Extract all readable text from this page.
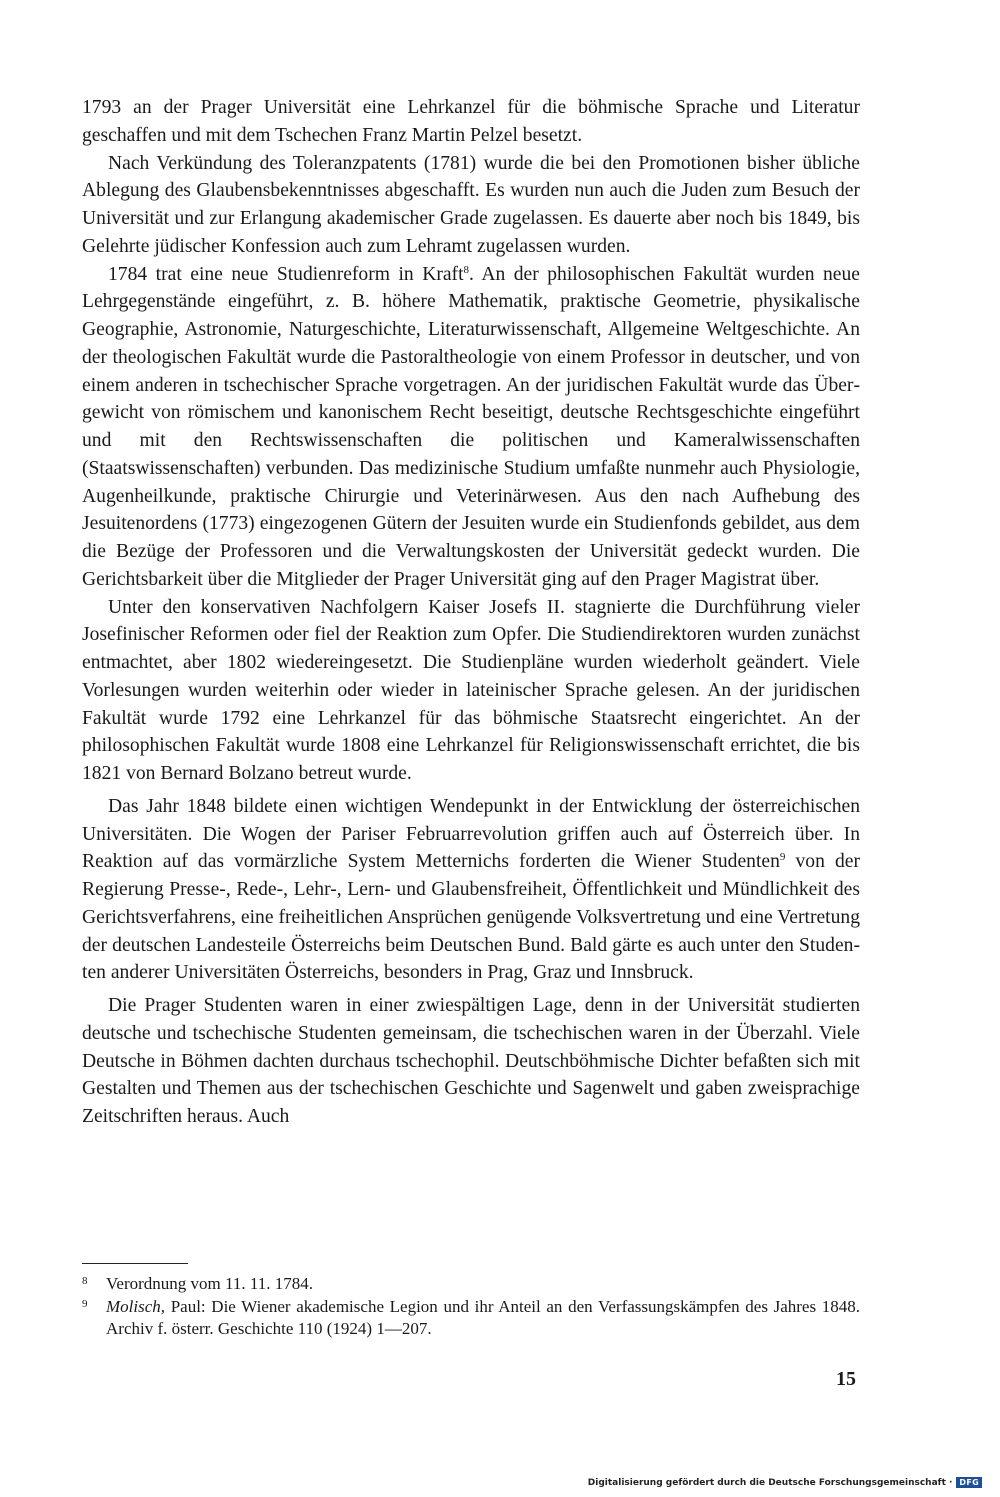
1793 an der Prager Universität eine Lehrkanzel für die böhmische Sprache und Literatur geschaffen und mit dem Tschechen Franz Martin Pelzel besetzt.

Nach Verkündung des Toleranzpatents (1781) wurde die bei den Promotionen bisher übliche Ablegung des Glaubensbekenntnisses abgeschafft. Es wurden nun auch die Juden zum Besuch der Universität und zur Erlangung akademischer Grade zugelassen. Es dauerte aber noch bis 1849, bis Gelehrte jüdischer Konfession auch zum Lehramt zugelassen wurden.

1784 trat eine neue Studienreform in Kraft$^8$. An der philosophischen Fakultät wurden neue Lehrgegenstände eingeführt, z. B. höhere Mathematik, praktische Geometrie, physikalische Geographie, Astronomie, Naturgeschichte, Literaturwissenschaft, Allgemeine Weltgeschichte. An der theologischen Fakultät wurde die Pastoraltheologie von einem Professor in deutscher, und von einem anderen in tschechischer Sprache vorgetragen. An der juridischen Fakultät wurde das Übergewicht von römischem und kanonischem Recht beseitigt, deutsche Rechtsgeschichte eingeführt und mit den Rechtswissenschaften die politischen und Kameralwissenschaften (Staatswissenschaften) verbunden. Das medizinische Studium umfaßte nunmehr auch Physiologie, Augenheilkunde, praktische Chirurgie und Veterinärwesen. Aus den nach Aufhebung des Jesuitenordens (1773) eingezogenen Gütern der Jesuiten wurde ein Studienfonds gebildet, aus dem die Bezüge der Professoren und die Verwaltungskosten der Universität gedeckt wurden. Die Gerichtsbarkeit über die Mitglieder der Prager Universität ging auf den Prager Magistrat über.

Unter den konservativen Nachfolgern Kaiser Josefs II. stagnierte die Durchführung vieler Josefinischer Reformen oder fiel der Reaktion zum Opfer. Die Studiendirektoren wurden zunächst entmachtet, aber 1802 wiedereingesetzt. Die Studienpläne wurden wiederholt geändert. Viele Vorlesungen wurden weiterhin oder wieder in lateinischer Sprache gelesen. An der juridischen Fakultät wurde 1792 eine Lehrkanzel für das böhmische Staatsrecht eingerichtet. An der philosophischen Fakultät wurde 1808 eine Lehrkanzel für Religionswissenschaft errichtet, die bis 1821 von Bernard Bolzano betreut wurde.

Das Jahr 1848 bildete einen wichtigen Wendepunkt in der Entwicklung der österreichischen Universitäten. Die Wogen der Pariser Februarrevolution griffen auch auf Österreich über. In Reaktion auf das vormärzliche System Metternichs forderten die Wiener Studenten$^9$ von der Regierung Presse-, Rede-, Lehr-, Lern- und Glaubensfreiheit, Öffentlichkeit und Mündlichkeit des Gerichtsverfahrens, eine freiheitlichen Ansprüchen genügende Volksvertretung und eine Vertretung der deutschen Landesteile Österreichs beim Deutschen Bund. Bald gärte es auch unter den Studenten anderer Universitäten Österreichs, besonders in Prag, Graz und Innsbruck.

Die Prager Studenten waren in einer zwiespältigen Lage, denn in der Universität studierten deutsche und tschechische Studenten gemeinsam, die tschechischen waren in der Überzahl. Viele Deutsche in Böhmen dachten durchaus tschechophil. Deutschböhmische Dichter befaßten sich mit Gestalten und Themen aus der tschechischen Geschichte und Sagenwelt und gaben zweisprachige Zeitschriften heraus. Auch

8	Verordnung vom 11. 11. 1784.
9	Molisch, Paul: Die Wiener akademische Legion und ihr Anteil an den Verfassungskämpfen des Jahres 1848. Archiv f. österr. Geschichte 110 (1924) 1—207.
15
Digitalisierung gefördert durch die Deutsche Forschungsgemeinschaft · DFG
